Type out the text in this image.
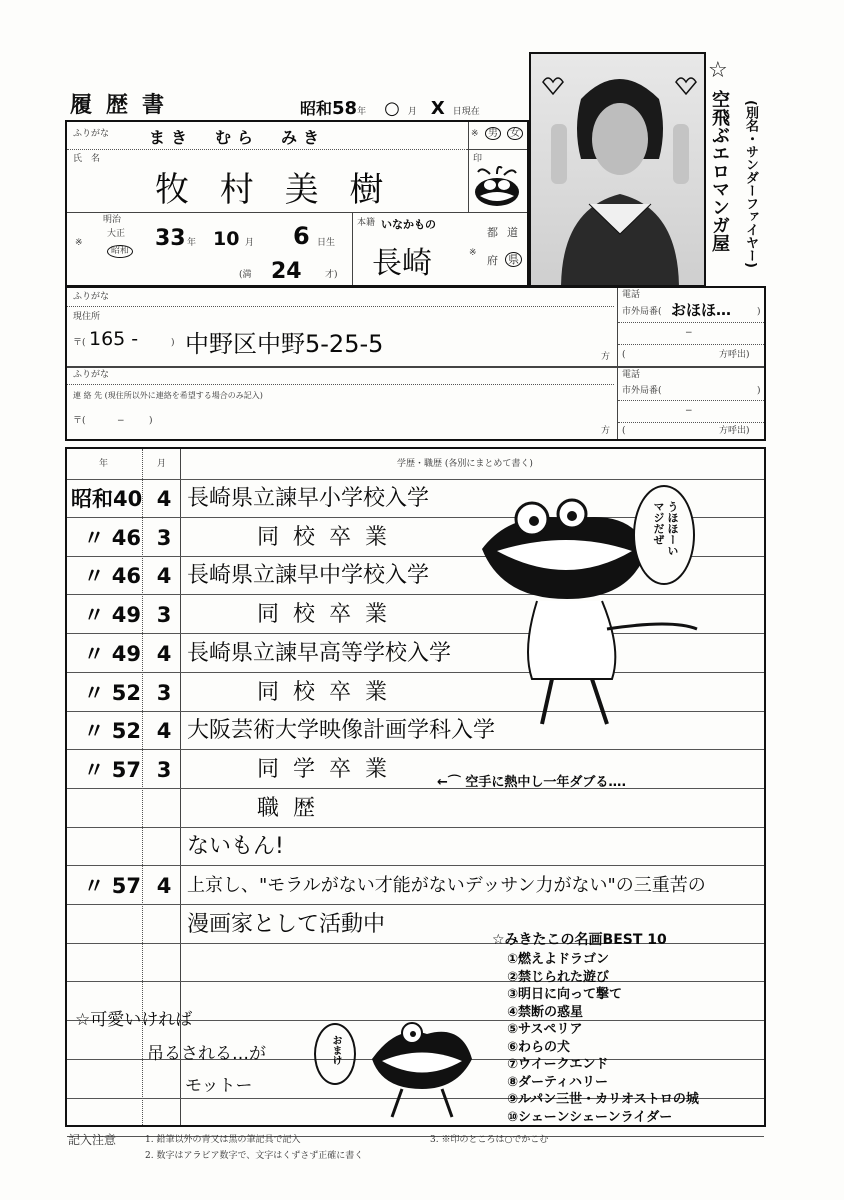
履歴書	昭和58年 ○ 月 X 日現在
ふりがな まき　むら　みき	※ 男	女
氏　名
牧 村 美 樹
印
※
明治
大正
昭和 33 年 10 月 6 日生
(満 24	才)
本籍 いなかもの
長崎	※
都 道
府 県
☆
空飛ぶエロマンガ屋 (別名・サンダーファイヤー)
ふりがな
現住所
〒( 165 -	) 中野区中野5-25-5	方
電話
市外局番( おほほ…	)
−
(	方呼出)
ふりがな
連 絡 先 (現住所以外に連絡を希望する場合のみ記入)
〒(	−	)
方
電話
市外局番(	)
−
(	方呼出)
年	月	学歴・職歴 (各別にまとめて書く)
昭和40 4 長崎県立諫早小学校入学
〃 46 3	同校卒業
〃 46 4 長崎県立諫早中学校入学
〃 49 3	同校卒業
〃 49 4 長崎県立諫早高等学校入学
〃 52 3	同校卒業
〃 52 4 大阪芸術大学映像計画学科入学
〃 57 3	同学卒業
職歴
ないもん!
〃 57 4 上京し、"モラルがない才能がないデッサン力がない"の三重苦の
漫画家として活動中
←⌒ 空手に熱中し一年ダブる….
うほほーい マジだぜ
☆可愛いければ
吊るされる…が
モットー
おまけ
☆みきたこの名画BEST 10
①燃えよドラゴン
②禁じられた遊び
③明日に向って撃て
④禁断の惑星
⑤サスペリア
⑥わらの犬
⑦ウイークエンド
⑧ダーティハリー
⑨ルパン三世・カリオストロの城
⑩シェーンシェーンライダー
記入注意	1. 鉛筆以外の青又は黒の筆記具で記入
2. 数字はアラビア数字で、文字はくずさず正確に書く
3. ※印のところは○でかこむ
